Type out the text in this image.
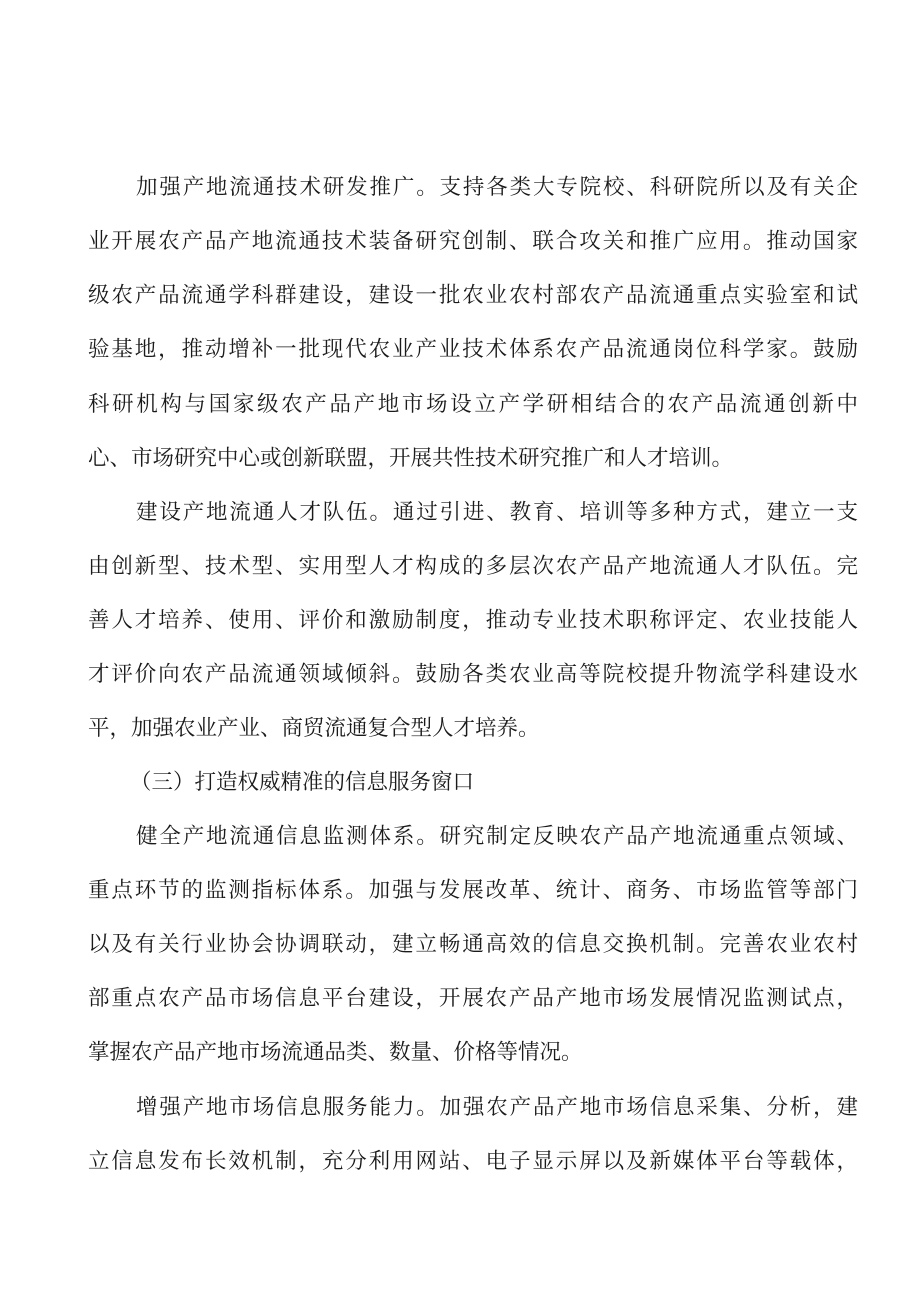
加强产地流通技术研发推广。支持各类大专院校、科研院所以及有关企
业开展农产品产地流通技术装备研究创制、联合攻关和推广应用。推动国家
级农产品流通学科群建设，建设一批农业农村部农产品流通重点实验室和试
验基地，推动增补一批现代农业产业技术体系农产品流通岗位科学家。鼓励
科研机构与国家级农产品产地市场设立产学研相结合的农产品流通创新中
心、市场研究中心或创新联盟，开展共性技术研究推广和人才培训。
建设产地流通人才队伍。通过引进、教育、培训等多种方式，建立一支
由创新型、技术型、实用型人才构成的多层次农产品产地流通人才队伍。完
善人才培养、使用、评价和激励制度，推动专业技术职称评定、农业技能人
才评价向农产品流通领域倾斜。鼓励各类农业高等院校提升物流学科建设水
平，加强农业产业、商贸流通复合型人才培养。
（三）打造权威精准的信息服务窗口
健全产地流通信息监测体系。研究制定反映农产品产地流通重点领域、
重点环节的监测指标体系。加强与发展改革、统计、商务、市场监管等部门
以及有关行业协会协调联动，建立畅通高效的信息交换机制。完善农业农村
部重点农产品市场信息平台建设，开展农产品产地市场发展情况监测试点，
掌握农产品产地市场流通品类、数量、价格等情况。
增强产地市场信息服务能力。加强农产品产地市场信息采集、分析，建
立信息发布长效机制，充分利用网站、电子显示屏以及新媒体平台等载体，
